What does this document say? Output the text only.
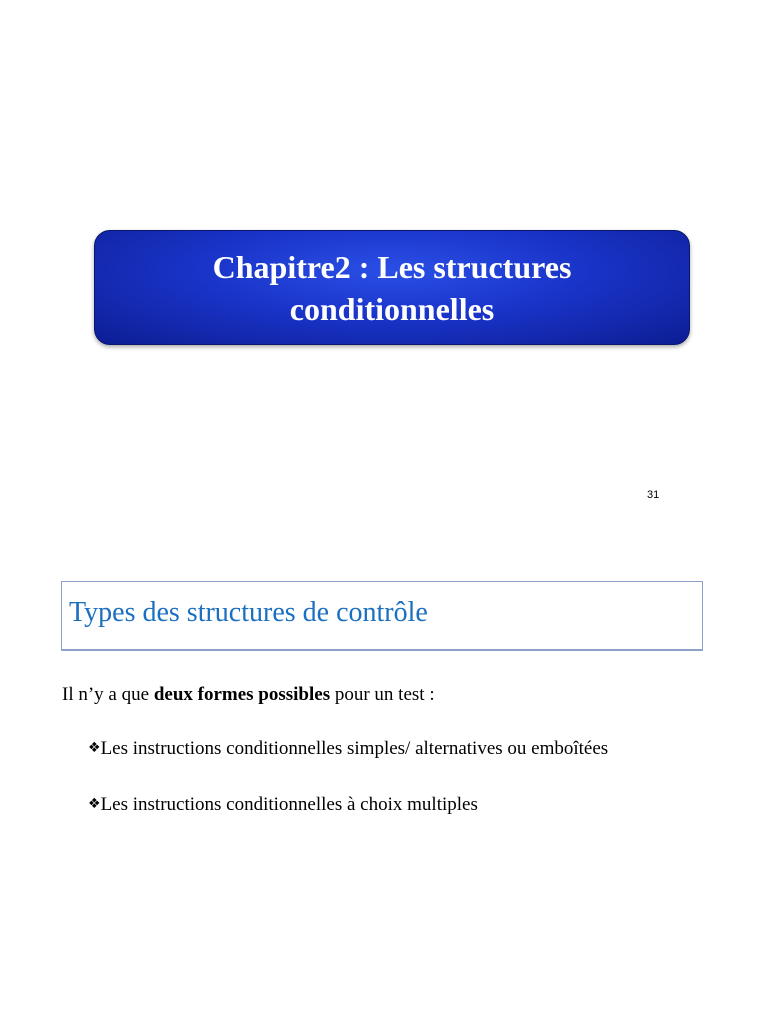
Chapitre2 : Les structures
conditionnelles
31
Types des structures de contrôle

Il n’y a que deux formes possibles pour un test :

❖Les instructions conditionnelles simples/ alternatives ou emboîtées

❖Les instructions conditionnelles à choix multiples
